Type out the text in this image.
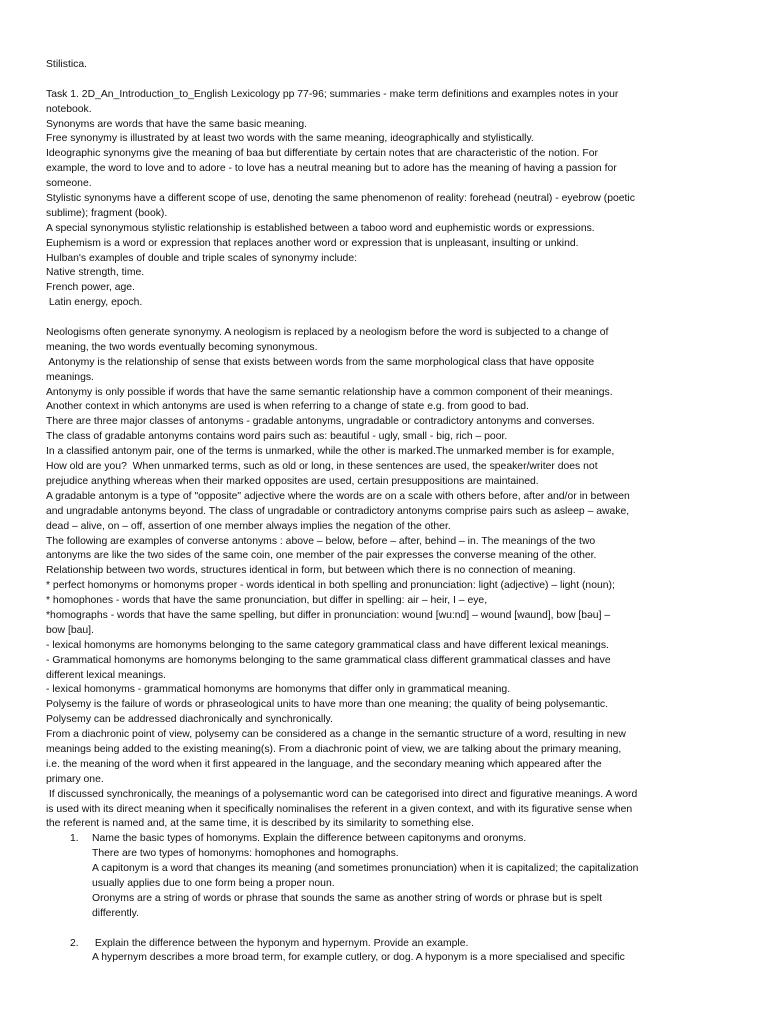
Stilistica.
Task 1. 2D_An_Introduction_to_English Lexicology pp 77-96; summaries - make term definitions and examples notes in your
notebook.
Synonyms are words that have the same basic meaning.
Free synonymy is illustrated by at least two words with the same meaning, ideographically and stylistically.
Ideographic synonyms give the meaning of baa but differentiate by certain notes that are characteristic of the notion. For
example, the word to love and to adore - to love has a neutral meaning but to adore has the meaning of having a passion for
someone.
Stylistic synonyms have a different scope of use, denoting the same phenomenon of reality: forehead (neutral) - eyebrow (poetic
sublime); fragment (book).
A special synonymous stylistic relationship is established between a taboo word and euphemistic words or expressions.
Euphemism is a word or expression that replaces another word or expression that is unpleasant, insulting or unkind.
Hulban's examples of double and triple scales of synonymy include:
Native strength, time.
French power, age.
Latin energy, epoch.
Neologisms often generate synonymy. A neologism is replaced by a neologism before the word is subjected to a change of
meaning, the two words eventually becoming synonymous.
Antonymy is the relationship of sense that exists between words from the same morphological class that have opposite
meanings.
Antonymy is only possible if words that have the same semantic relationship have a common component of their meanings.
Another context in which antonyms are used is when referring to a change of state e.g. from good to bad.
There are three major classes of antonyms - gradable antonyms, ungradable or contradictory antonyms and converses.
The class of gradable antonyms contains word pairs such as: beautiful - ugly, small - big, rich – poor.
In a classified antonym pair, one of the terms is unmarked, while the other is marked.The unmarked member is for example,
How old are you?  When unmarked terms, such as old or long, in these sentences are used, the speaker/writer does not
prejudice anything whereas when their marked opposites are used, certain presuppositions are maintained.
A gradable antonym is a type of "opposite" adjective where the words are on a scale with others before, after and/or in between
and ungradable antonyms beyond. The class of ungradable or contradictory antonyms comprise pairs such as asleep – awake,
dead – alive, on – off, assertion of one member always implies the negation of the other.
The following are examples of converse antonyms : above – below, before – after, behind – in. The meanings of the two
antonyms are like the two sides of the same coin, one member of the pair expresses the converse meaning of the other.
Relationship between two words, structures identical in form, but between which there is no connection of meaning.
* perfect homonyms or homonyms proper - words identical in both spelling and pronunciation: light (adjective) – light (noun);
* homophones - words that have the same pronunciation, but differ in spelling: air – heir, I – eye,
*homographs - words that have the same spelling, but differ in pronunciation: wound [wu:nd] – wound [waund], bow [bǝu] –
bow [bau].
- lexical homonyms are homonyms belonging to the same category grammatical class and have different lexical meanings.
- Grammatical homonyms are homonyms belonging to the same grammatical class different grammatical classes and have
different lexical meanings.
- lexical homonyms - grammatical homonyms are homonyms that differ only in grammatical meaning.
Polysemy is the failure of words or phraseological units to have more than one meaning; the quality of being polysemantic.
Polysemy can be addressed diachronically and synchronically.
From a diachronic point of view, polysemy can be considered as a change in the semantic structure of a word, resulting in new
meanings being added to the existing meaning(s). From a diachronic point of view, we are talking about the primary meaning,
i.e. the meaning of the word when it first appeared in the language, and the secondary meaning which appeared after the
primary one.
If discussed synchronically, the meanings of a polysemantic word can be categorised into direct and figurative meanings. A word
is used with its direct meaning when it specifically nominalises the referent in a given context, and with its figurative sense when
the referent is named and, at the same time, it is described by its similarity to something else.
1. Name the basic types of homonyms. Explain the difference between capitonyms and oronyms.
There are two types of homonyms: homophones and homographs.
A capitonym is a word that changes its meaning (and sometimes pronunciation) when it is capitalized; the capitalization
usually applies due to one form being a proper noun.
Oronyms are a string of words or phrase that sounds the same as another string of words or phrase but is spelt
differently.
2. Explain the difference between the hyponym and hypernym. Provide an example.
A hypernym describes a more broad term, for example cutlery, or dog. A hyponym is a more specialised and specific
